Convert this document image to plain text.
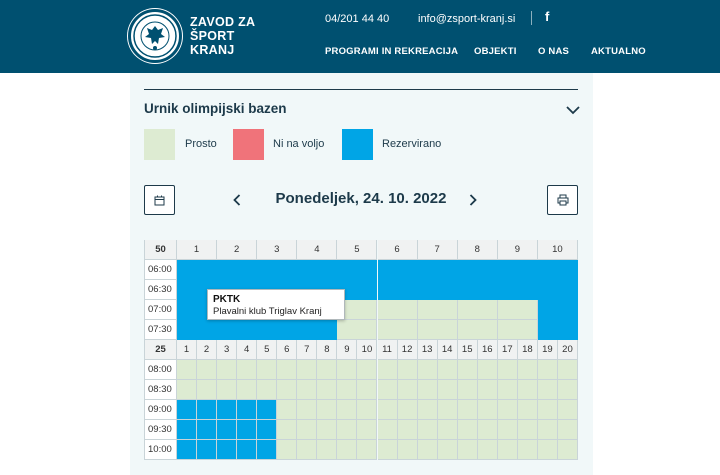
ZAVOD ZA
ŠPORT
KRANJ
04/201 44 40	info@zsport-kranj.si f
PROGRAMI IN REKREACIJA OBJEKTI O NAS AKTUALNO
Urnik olimpijski bazen
Prosto	Ni na voljo	Rezervirano
Ponedeljek, 24. 10. 2022
50	1	2	3	4	5	6	7	8	9	10
06:00
06:30
07:00
07:30
25	1	2	3	4	5	6	7	8	9	10	11	12 13 14 15 16 17 18 19 20
08:00
08:30
09:00
09:30
10:00
PKTK
Plavalni klub Triglav Kranj
